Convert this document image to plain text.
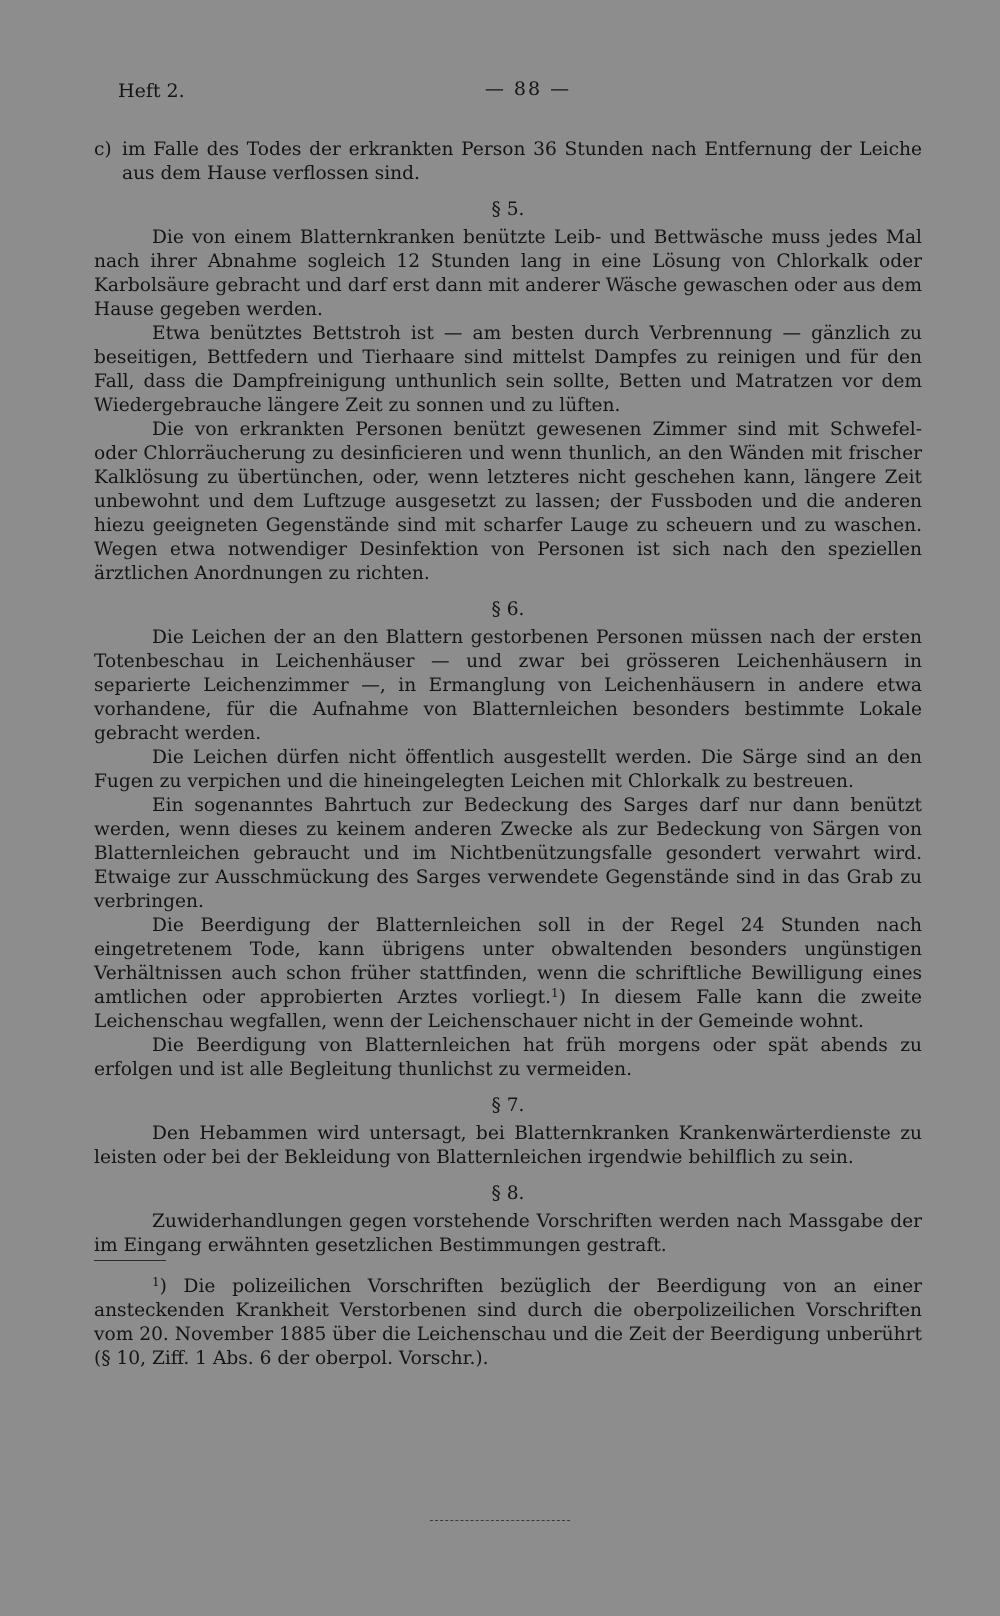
Heft 2.	— 88 —

c) im Falle des Todes der erkrankten Person 36 Stunden nach Entfernung der Leiche aus dem Hause verflossen sind.

§ 5.

Die von einem Blatternkranken benützte Leib- und Bettwäsche muss jedes Mal nach ihrer Abnahme sogleich 12 Stunden lang in eine Lösung von Chlorkalk oder Karbolsäure gebracht und darf erst dann mit anderer Wäsche gewaschen oder aus dem Hause gegeben werden.

Etwa benütztes Bettstroh ist — am besten durch Verbrennung — gänzlich zu beseitigen, Bettfedern und Tierhaare sind mittelst Dampfes zu reinigen und für den Fall, dass die Dampfreinigung unthunlich sein sollte, Betten und Matratzen vor dem Wiedergebrauche längere Zeit zu sonnen und zu lüften.

Die von erkrankten Personen benützt gewesenen Zimmer sind mit Schwefel- oder Chlorräucherung zu desinficieren und wenn thunlich, an den Wänden mit frischer Kalklösung zu übertünchen, oder, wenn letzteres nicht geschehen kann, längere Zeit unbewohnt und dem Luftzuge ausgesetzt zu lassen; der Fussboden und die anderen hiezu geeigneten Gegenstände sind mit scharfer Lauge zu scheuern und zu waschen. Wegen etwa notwendiger Desinfektion von Personen ist sich nach den speziellen ärztlichen Anordnungen zu richten.

§ 6.

Die Leichen der an den Blattern gestorbenen Personen müssen nach der ersten Totenbeschau in Leichenhäuser — und zwar bei grösseren Leichenhäusern in separierte Leichenzimmer —, in Ermanglung von Leichenhäusern in andere etwa vorhandene, für die Aufnahme von Blatternleichen besonders bestimmte Lokale gebracht werden.

Die Leichen dürfen nicht öffentlich ausgestellt werden. Die Särge sind an den Fugen zu verpichen und die hineingelegten Leichen mit Chlorkalk zu bestreuen.

Ein sogenanntes Bahrtuch zur Bedeckung des Sarges darf nur dann benützt werden, wenn dieses zu keinem anderen Zwecke als zur Bedeckung von Särgen von Blatternleichen gebraucht und im Nichtbenützungsfalle gesondert verwahrt wird. Etwaige zur Ausschmückung des Sarges verwendete Gegenstände sind in das Grab zu verbringen.

Die Beerdigung der Blatternleichen soll in der Regel 24 Stunden nach eingetretenem Tode, kann übrigens unter obwaltenden besonders ungünstigen Verhältnissen auch schon früher stattfinden, wenn die schriftliche Bewilligung eines amtlichen oder approbierten Arztes vorliegt.$^1$) In diesem Falle kann die zweite Leichenschau wegfallen, wenn der Leichenschauer nicht in der Gemeinde wohnt.

Die Beerdigung von Blatternleichen hat früh morgens oder spät abends zu erfolgen und ist alle Begleitung thunlichst zu vermeiden.

§ 7.

Den Hebammen wird untersagt, bei Blatternkranken Krankenwärterdienste zu leisten oder bei der Bekleidung von Blatternleichen irgendwie behilflich zu sein.

§ 8.

Zuwiderhandlungen gegen vorstehende Vorschriften werden nach Massgabe der im Eingang erwähnten gesetzlichen Bestimmungen gestraft.

$^1$) Die polizeilichen Vorschriften bezüglich der Beerdigung von an einer ansteckenden Krankheit Verstorbenen sind durch die oberpolizeilichen Vorschriften vom 20. November 1885 über die Leichenschau und die Zeit der Beerdigung unberührt (§ 10, Ziff. 1 Abs. 6 der oberpol. Vorschr.).
